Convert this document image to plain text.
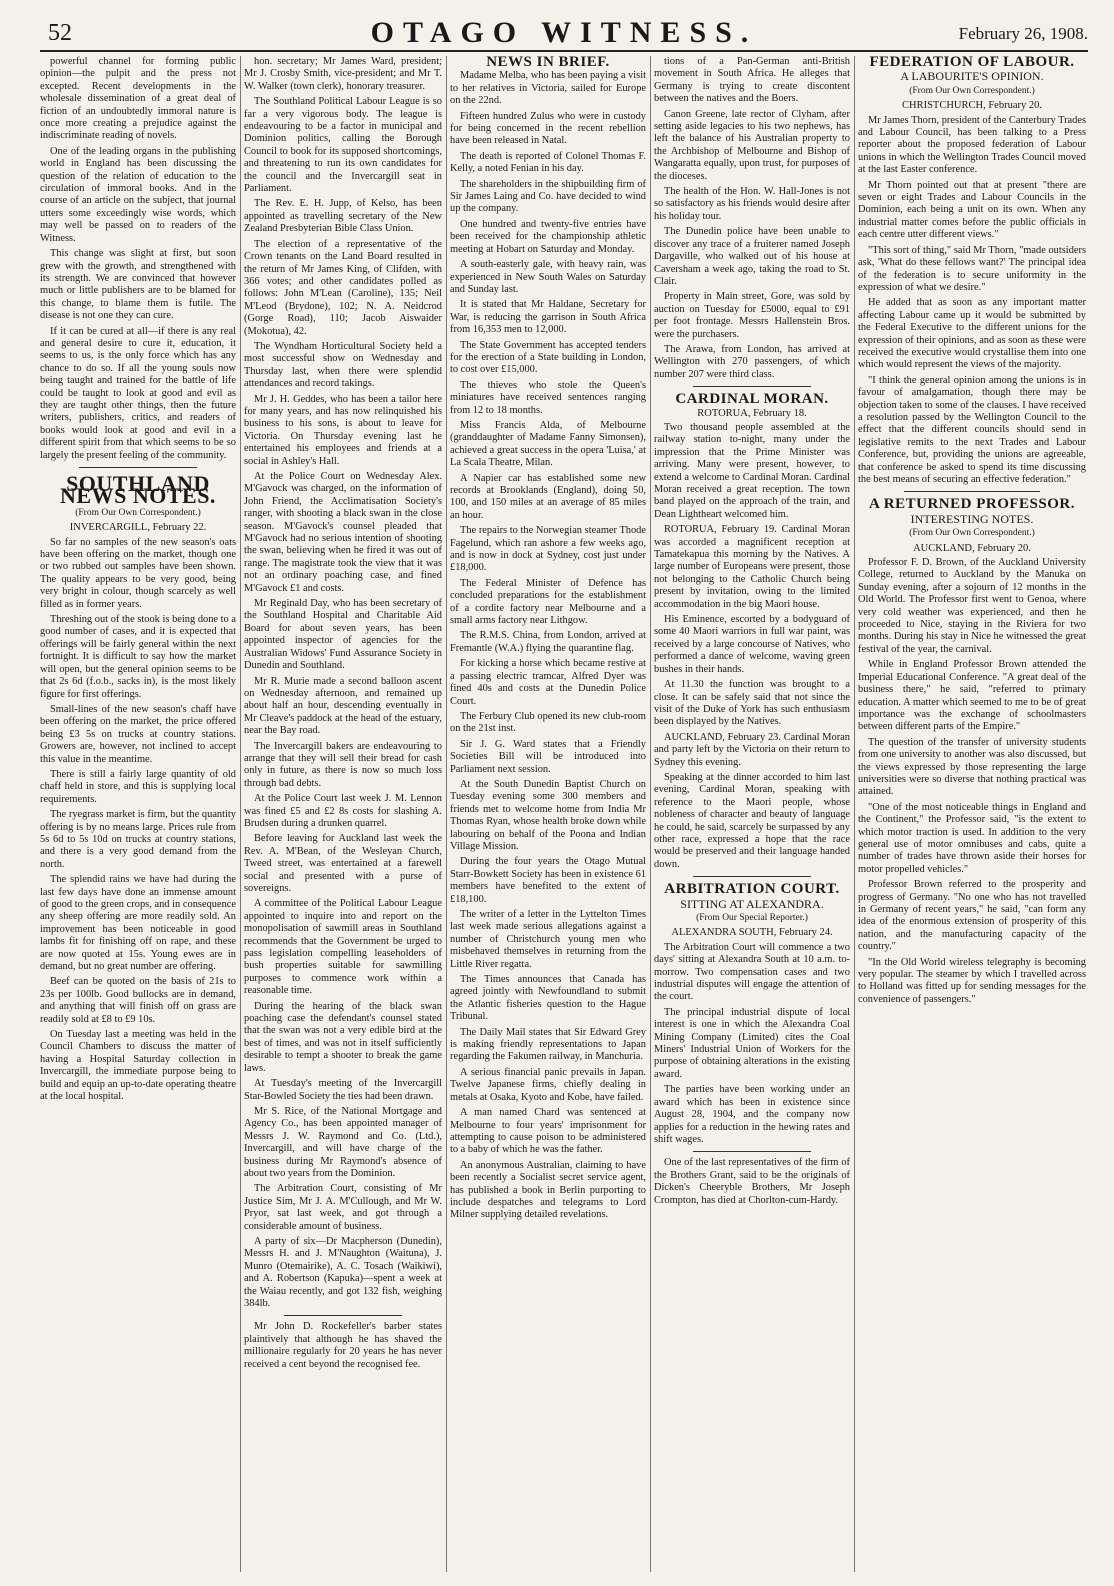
52	OTAGO WITNESS.	February 26, 1908.

powerful channel for forming public opinion—the pulpit and the press not excepted. Recent developments in the wholesale dissemination of a great deal of fiction of an undoubtedly immoral nature is once more creating a prejudice against the indiscriminate reading of novels.

One of the leading organs in the publishing world in England has been discussing the question of the relation of education to the circulation of immoral books. And in the course of an article on the subject, that journal utters some exceedingly wise words, which may well be passed on to readers of the Witness.

This change was slight at first, but soon grew with the growth, and strengthened with its strength. We are convinced that however much or little publishers are to be blamed for this change, to blame them is futile. The disease is not one they can cure.

If it can be cured at all—if there is any real and general desire to cure it, education, it seems to us, is the only force which has any chance to do so. If all the young souls now being taught and trained for the battle of life could be taught to look at good and evil as they are taught other things, then the future writers, publishers, critics, and readers of books would look at good and evil in a different spirit from that which seems to be so largely the present feeling of the community.

SOUTHLAND NEWS NOTES.
(From Our Own Correspondent.)
INVERCARGILL, February 22.

So far no samples of the new season's oats have been offering on the market, though one or two rubbed out samples have been shown. The quality appears to be very good, being very bright in colour, though scarcely as well filled as in former years.

Threshing out of the stook is being done to a good number of cases, and it is expected that offerings will be fairly general within the next fortnight. It is difficult to say how the market will open, but the general opinion seems to be that 2s 6d (f.o.b., sacks in), is the most likely figure for first offerings.

Small-lines of the new season's chaff have been offering on the market, the price offered being £3 5s on trucks at country stations. Growers are, however, not inclined to accept this value in the meantime.

There is still a fairly large quantity of old chaff held in store, and this is supplying local requirements.

The ryegrass market is firm, but the quantity offering is by no means large. Prices rule from 5s 6d to 5s 10d on trucks at country stations, and there is a very good demand from the north.

The splendid rains we have had during the last few days have done an immense amount of good to the green crops, and in consequence any sheep offering are more readily sold. An improvement has been noticeable in good lambs fit for finishing off on rape, and these are now quoted at 15s. Young ewes are in demand, but no great number are offering.

Beef can be quoted on the basis of 21s to 23s per 100lb. Good bullocks are in demand, and anything that will finish off on grass are readily sold at £8 to £9 10s.

On Tuesday last a meeting was held in the Council Chambers to discuss the matter of having a Hospital Saturday collection in Invercargill, the immediate purpose being to build and equip an up-to-date operating theatre at the local hospital.

hon. secretary; Mr James Ward, president; Mr J. Crosby Smith, vice-president; and Mr T. W. Walker (town clerk), honorary treasurer.

The Southland Political Labour League is so far a very vigorous body. The league is endeavouring to be a factor in municipal and Dominion politics, calling the Borough Council to book for its supposed shortcomings, and threatening to run its own candidates for the council and the Invercargill seat in Parliament.

The Rev. E. H. Jupp, of Kelso, has been appointed as travelling secretary of the New Zealand Presbyterian Bible Class Union.

The election of a representative of the Crown tenants on the Land Board resulted in the return of Mr James King, of Clifden, with 366 votes; and other candidates polled as follows: John M'Lean (Caroline), 135; Neil M'Leod (Brydone), 102; N. A. Neidcrod (Gorge Road), 110; Jacob Aiswaider (Mokotua), 42.

The Wyndham Horticultural Society held a most successful show on Wednesday and Thursday last, when there were splendid attendances and record takings.

Mr J. H. Geddes, who has been a tailor here for many years, and has now relinquished his business to his sons, is about to leave for Victoria. On Thursday evening last he entertained his employees and friends at a social in Ashley's Hall.

At the Police Court on Wednesday Alex. M'Gavock was charged, on the information of John Friend, the Acclimatisation Society's ranger, with shooting a black swan in the close season. M'Gavock's counsel pleaded that M'Gavock had no serious intention of shooting the swan, believing when he fired it was out of range. The magistrate took the view that it was not an ordinary poaching case, and fined M'Gavock £1 and costs.

Mr Reginald Day, who has been secretary of the Southland Hospital and Charitable Aid Board for about seven years, has been appointed inspector of agencies for the Australian Widows' Fund Assurance Society in Dunedin and Southland.

Mr R. Murie made a second balloon ascent on Wednesday afternoon, and remained up about half an hour, descending eventually in Mr Cleave's paddock at the head of the estuary, near the Bay road.

The Invercargill bakers are endeavouring to arrange that they will sell their bread for cash only in future, as there is now so much loss through bad debts.

At the Police Court last week J. M. Lennon was fined £5 and £2 8s costs for slashing A. Brudsen during a drunken quarrel.

Before leaving for Auckland last week the Rev. A. M'Bean, of the Wesleyan Church, Tweed street, was entertained at a farewell social and presented with a purse of sovereigns.

A committee of the Political Labour League appointed to inquire into and report on the monopolisation of sawmill areas in Southland recommends that the Government be urged to pass legislation compelling leaseholders of bush properties suitable for sawmilling purposes to commence work within a reasonable time.

During the hearing of the black swan poaching case the defendant's counsel stated that the swan was not a very edible bird at the best of times, and was not in itself sufficiently desirable to tempt a shooter to break the game laws.

At Tuesday's meeting of the Invercargill Star-Bowled Society the ties had been drawn.

Mr S. Rice, of the National Mortgage and Agency Co., has been appointed manager of Messrs J. W. Raymond and Co. (Ltd.), Invercargill, and will have charge of the business during Mr Raymond's absence of about two years from the Dominion.

The Arbitration Court, consisting of Mr Justice Sim, Mr J. A. M'Cullough, and Mr W. Pryor, sat last week, and got through a considerable amount of business.

A party of six—Dr Macpherson (Dunedin), Messrs H. and J. M'Naughton (Waituna), J. Munro (Otemairike), A. C. Tosach (Waikiwi), and A. Robertson (Kapuka)—spent a week at the Waiau recently, and got 132 fish, weighing 384lb.

Mr John D. Rockefeller's barber states plaintively that although he has shaved the millionaire regularly for 20 years he has never received a cent beyond the recognised fee.

NEWS IN BRIEF.

Madame Melba, who has been paying a visit to her relatives in Victoria, sailed for Europe on the 22nd.

Fifteen hundred Zulus who were in custody for being concerned in the recent rebellion have been released in Natal.

The death is reported of Colonel Thomas F. Kelly, a noted Fenian in his day.

The shareholders in the shipbuilding firm of Sir James Laing and Co. have decided to wind up the company.

One hundred and twenty-five entries have been received for the championship athletic meeting at Hobart on Saturday and Monday.

A south-easterly gale, with heavy rain, was experienced in New South Wales on Saturday and Sunday last.

It is stated that Mr Haldane, Secretary for War, is reducing the garrison in South Africa from 16,353 men to 12,000.

The State Government has accepted tenders for the erection of a State building in London, to cost over £15,000.

The thieves who stole the Queen's miniatures have received sentences ranging from 12 to 18 months.

Miss Francis Alda, of Melbourne (granddaughter of Madame Fanny Simonsen), achieved a great success in the opera 'Luisa,' at La Scala Theatre, Milan.

A Napier car has established some new records at Brooklands (England), doing 50, 100, and 150 miles at an average of 85 miles an hour.

The repairs to the Norwegian steamer Thode Fagelund, which ran ashore a few weeks ago, and is now in dock at Sydney, cost just under £18,000.

The Federal Minister of Defence has concluded preparations for the establishment of a cordite factory near Melbourne and a small arms factory near Lithgow.

The R.M.S. China, from London, arrived at Fremantle (W.A.) flying the quarantine flag.

For kicking a horse which became restive at a passing electric tramcar, Alfred Dyer was fined 40s and costs at the Dunedin Police Court.

The Ferbury Club opened its new club-room on the 21st inst.

Sir J. G. Ward states that a Friendly Societies Bill will be introduced into Parliament next session.

At the South Dunedin Baptist Church on Tuesday evening some 300 members and friends met to welcome home from India Mr Thomas Ryan, whose health broke down while labouring on behalf of the Poona and Indian Village Mission.

During the four years the Otago Mutual Starr-Bowkett Society has been in existence 61 members have benefited to the extent of £18,100.

The writer of a letter in the Lyttelton Times last week made serious allegations against a number of Christchurch young men who misbehaved themselves in returning from the Little River regatta.

The Times announces that Canada has agreed jointly with Newfoundland to submit the Atlantic fisheries question to the Hague Tribunal.

The Daily Mail states that Sir Edward Grey is making friendly representations to Japan regarding the Fakumen railway, in Manchuria.

A serious financial panic prevails in Japan. Twelve Japanese firms, chiefly dealing in metals at Osaka, Kyoto and Kobe, have failed.

A man named Chard was sentenced at Melbourne to four years' imprisonment for attempting to cause poison to be administered to a baby of which he was the father.

An anonymous Australian, claiming to have been recently a Socialist secret service agent, has published a book in Berlin purporting to include despatches and telegrams to Lord Milner supplying detailed revelations.

tions of a Pan-German anti-British movement in South Africa. He alleges that Germany is trying to create discontent between the natives and the Boers.

Canon Greene, late rector of Clyham, after setting aside legacies to his two nephews, has left the balance of his Australian property to the Archbishop of Melbourne and Bishop of Wangaratta equally, upon trust, for purposes of the dioceses.

The health of the Hon. W. Hall-Jones is not so satisfactory as his friends would desire after his holiday tour.

The Dunedin police have been unable to discover any trace of a fruiterer named Joseph Dargaville, who walked out of his house at Caversham a week ago, taking the road to St. Clair.

Property in Main street, Gore, was sold by auction on Tuesday for £5000, equal to £91 per foot frontage. Messrs Hallenstein Bros. were the purchasers.

The Arawa, from London, has arrived at Wellington with 270 passengers, of which number 207 were third class.

CARDINAL MORAN.
ROTORUA, February 18.

Two thousand people assembled at the railway station to-night, many under the impression that the Prime Minister was arriving. Many were present, however, to extend a welcome to Cardinal Moran. Cardinal Moran received a great reception. The town band played on the approach of the train, and Dean Lightheart welcomed him.

ROTORUA, February 19. Cardinal Moran was accorded a magnificent reception at Tamatekapua this morning by the Natives. A large number of Europeans were present, those not belonging to the Catholic Church being present by invitation, owing to the limited accommodation in the big Maori house.

His Eminence, escorted by a bodyguard of some 40 Maori warriors in full war paint, was received by a large concourse of Natives, who performed a dance of welcome, waving green bushes in their hands.

At 11.30 the function was brought to a close. It can be safely said that not since the visit of the Duke of York has such enthusiasm been displayed by the Natives.

AUCKLAND, February 23. Cardinal Moran and party left by the Victoria on their return to Sydney this evening.

Speaking at the dinner accorded to him last evening, Cardinal Moran, speaking with reference to the Maori people, whose nobleness of character and beauty of language he could, he said, scarcely be surpassed by any other race, expressed a hope that the race would be preserved and their language handed down.

ARBITRATION COURT.
SITTING AT ALEXANDRA.
(From Our Special Reporter.)
ALEXANDRA SOUTH, February 24.

The Arbitration Court will commence a two days' sitting at Alexandra South at 10 a.m. to-morrow. Two compensation cases and two industrial disputes will engage the attention of the court.

The principal industrial dispute of local interest is one in which the Alexandra Coal Mining Company (Limited) cites the Coal Miners' Industrial Union of Workers for the purpose of obtaining alterations in the existing award.

The parties have been working under an award which has been in existence since August 28, 1904, and the company now applies for a reduction in the hewing rates and shift wages.

One of the last representatives of the firm of the Brothers Grant, said to be the originals of Dicken's Cheeryble Brothers, Mr Joseph Crompton, has died at Chorlton-cum-Hardy.

FEDERATION OF LABOUR.
A LABOURITE'S OPINION.
(From Our Own Correspondent.)
CHRISTCHURCH, February 20.

Mr James Thorn, president of the Canterbury Trades and Labour Council, has been talking to a Press reporter about the proposed federation of Labour unions in which the Wellington Trades Council moved at the last Easter conference.

Mr Thorn pointed out that at present "there are seven or eight Trades and Labour Councils in the Dominion, each being a unit on its own. When any industrial matter comes before the public officials in each centre utter different views."

"This sort of thing," said Mr Thorn, "made outsiders ask, 'What do these fellows want?' The principal idea of the federation is to secure uniformity in the expression of what we desire."

He added that as soon as any important matter affecting Labour came up it would be submitted by the Federal Executive to the different unions for the expression of their opinions, and as soon as these were received the executive would crystallise them into one which would represent the views of the majority.

"I think the general opinion among the unions is in favour of amalgamation, though there may be objection taken to some of the clauses. I have received a resolution passed by the Wellington Council to the effect that the different councils should send in legislative remits to the next Trades and Labour Conference, but, providing the unions are agreeable, that conference be asked to spend its time discussing the best means of securing an effective federation."

A RETURNED PROFESSOR.
INTERESTING NOTES.
(From Our Own Correspondent.)
AUCKLAND, February 20.

Professor F. D. Brown, of the Auckland University College, returned to Auckland by the Manuka on Sunday evening, after a sojourn of 12 months in the Old World. The Professor first went to Genoa, where very cold weather was experienced, and then he proceeded to Nice, staying in the Riviera for two months. During his stay in Nice he witnessed the great festival of the year, the carnival.

While in England Professor Brown attended the Imperial Educational Conference. "A great deal of the business there," he said, "referred to primary education. A matter which seemed to me to be of great importance was the exchange of schoolmasters between different parts of the Empire."

The question of the transfer of university students from one university to another was also discussed, but the views expressed by those representing the large universities were so diverse that nothing practical was attained.

"One of the most noticeable things in England and the Continent," the Professor said, "is the extent to which motor traction is used. In addition to the very general use of motor omnibuses and cabs, quite a number of trades have thrown aside their horses for motor propelled vehicles."

Professor Brown referred to the prosperity and progress of Germany. "No one who has not travelled in Germany of recent years," he said, "can form any idea of the enormous extension of prosperity of this nation, and the manufacturing capacity of the country."

"In the Old World wireless telegraphy is becoming very popular. The steamer by which I travelled across to Holland was fitted up for sending messages for the convenience of passengers."
